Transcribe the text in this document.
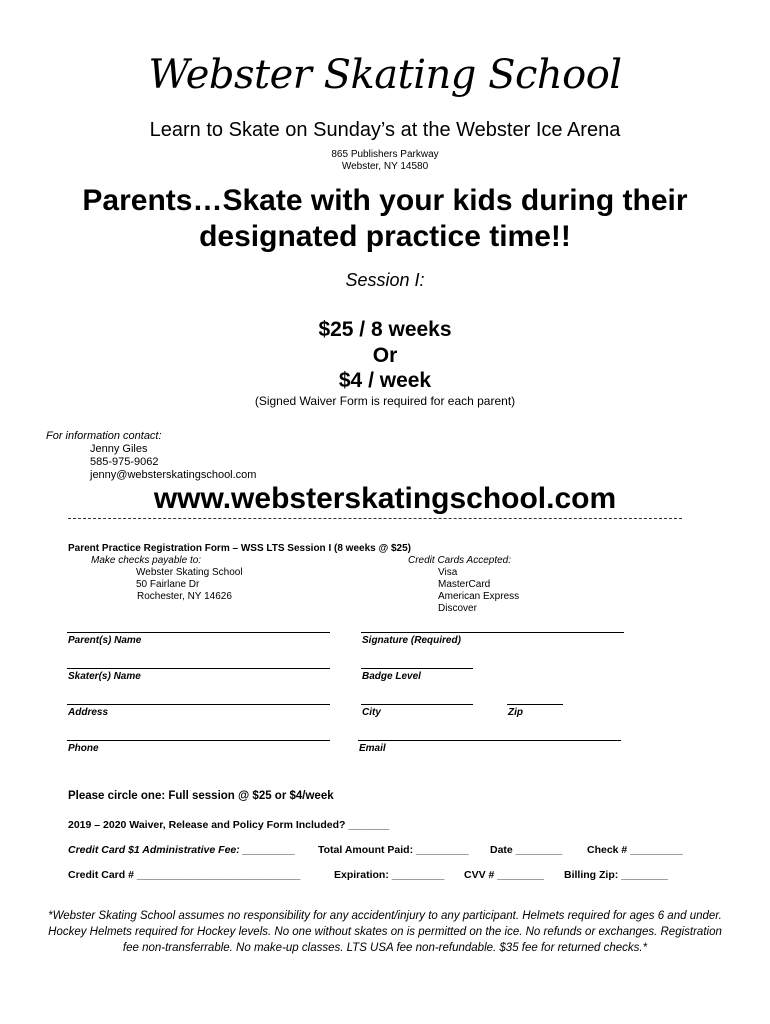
Webster Skating School
Learn to Skate on Sunday’s at the Webster Ice Arena
865 Publishers Parkway
Webster, NY 14580
Parents…Skate with your kids during their
designated practice time!!
Session I:
$25 / 8 weeks
Or
$4 / week
(Signed Waiver Form is required for each parent)
For information contact:
Jenny Giles
585-975-9062
jenny@websterskatingschool.com
www.websterskatingschool.com
Parent Practice Registration Form – WSS LTS Session I (8 weeks @ $25)
Make checks payable to:
Webster Skating School
50 Fairlane Dr
Rochester, NY 14626
Credit Cards Accepted:
Visa
MasterCard
American Express
Discover
Parent(s) Name	Signature (Required)
Skater(s) Name	Badge Level
Address	City	Zip
Phone	Email
Please circle one: Full session @ $25 or $4/week
2019 – 2020 Waiver, Release and Policy Form Included? _______
Credit Card $1 Administrative Fee: _________ Total Amount Paid: _________ Date ________ Check # _________
Credit Card # ____________________________	Expiration: _________ CVV # ________ Billing Zip: ________
*Webster Skating School assumes no responsibility for any accident/injury to any participant. Helmets required for ages 6 and under.
Hockey Helmets required for Hockey levels. No one without skates on is permitted on the ice. No refunds or exchanges. Registration
fee non-transferrable. No make-up classes. LTS USA fee non-refundable. $35 fee for returned checks.*
